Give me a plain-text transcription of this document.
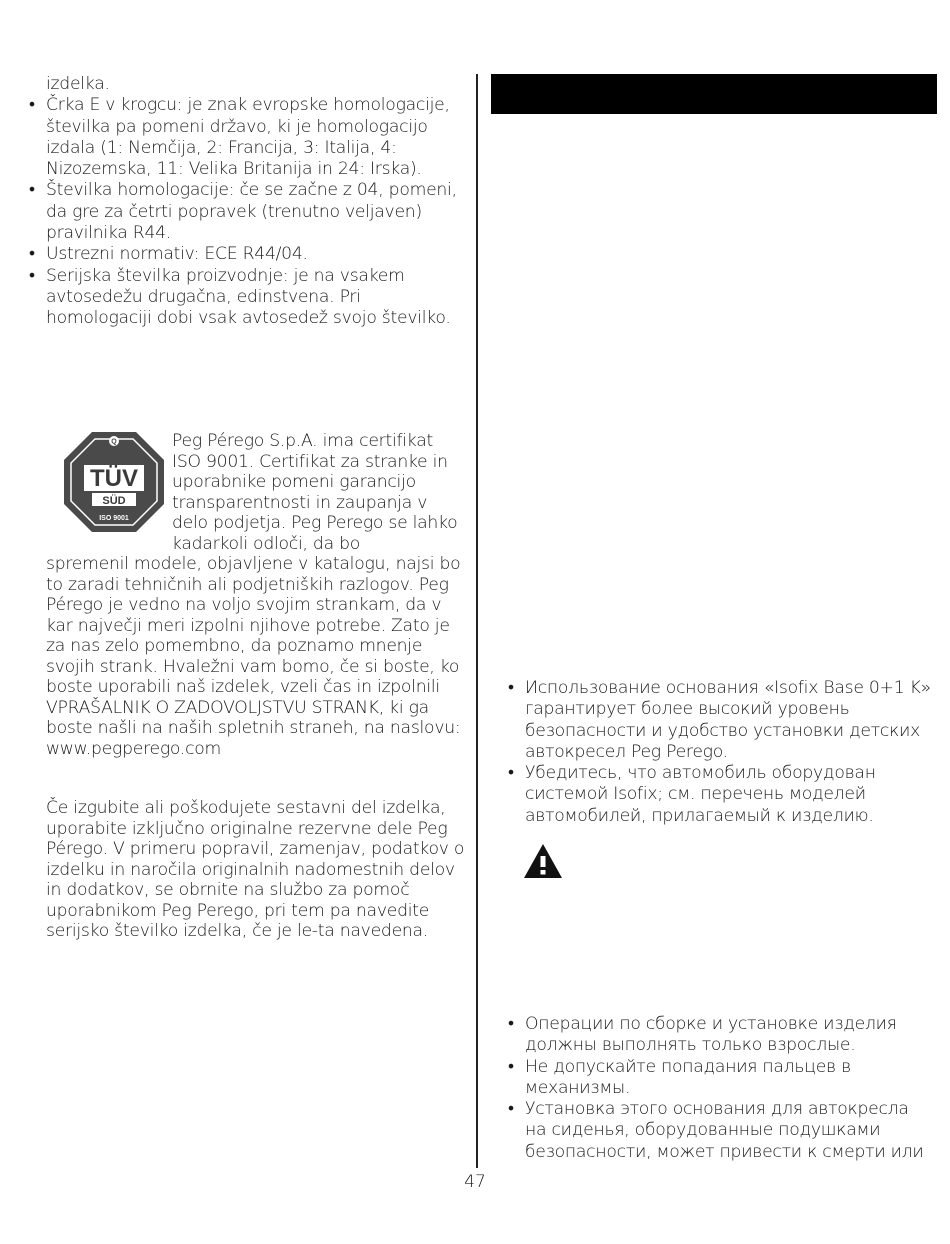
izdelka.

• Črka E v krogcu: je znak evropske homologacije, številka pa pomeni državo, ki je homologacijo izdala (1: Nemčija, 2: Francija, 3: Italija, 4: Nizozemska, 11: Velika Britanija in 24: Irska).
• Številka homologacije: če se začne z 04, pomeni, da gre za četrti popravek (trenutno veljaven) pravilnika R44.
• Ustrezni normativ: ECE R44/04.
• Serijska številka proizvodnje: je na vsakem avtosedežu drugačna, edinstvena. Pri homologaciji dobi vsak avtosedež svojo številko.
Q
TÜV
SÜD
ISO 9001
Peg Pérego S.p.A. ima certifikat ISO 9001. Certifikat za stranke in uporabnike pomeni garancijo transparentnosti in zaupanja v delo podjetja. Peg Perego se lahko kadarkoli odloči, da bo
spremenil modele, objavljene v katalogu, najsi bo to zaradi tehničnih ali podjetniških razlogov. Peg Pérego je vedno na voljo svojim strankam, da v kar največji meri izpolni njihove potrebe. Zato je za nas zelo pomembno, da poznamo mnenje svojih strank. Hvaležni vam bomo, če si boste, ko boste uporabili naš izdelek, vzeli čas in izpolnili VPRAŠALNIK O ZADOVOLJSTVU STRANK, ki ga boste našli na naših spletnih straneh, na naslovu: www.pegperego.com
Če izgubite ali poškodujete sestavni del izdelka, uporabite izključno originalne rezervne dele Peg Pérego. V primeru popravil, zamenjav, podatkov o izdelku in naročila originalnih nadomestnih delov in dodatkov, se obrnite na službo za pomoč uporabnikom Peg Perego, pri tem pa navedite serijsko številko izdelka, če je le-ta navedena.
• Использование основания «Isofix Base 0+1 K» гарантирует более высокий уровень безопасности и удобство установки детских автокресел Peg Perego.
• Убедитесь, что автомобиль оборудован системой Isofix; см. перечень моделей автомобилей, прилагаемый к изделию.
• Операции по сборке и установке изделия должны выполнять только взрослые.
• Не допускайте попадания пальцев в механизмы.
• Установка этого основания для автокресла на сиденья, оборудованные подушками безопасности, может привести к смерти или
47
